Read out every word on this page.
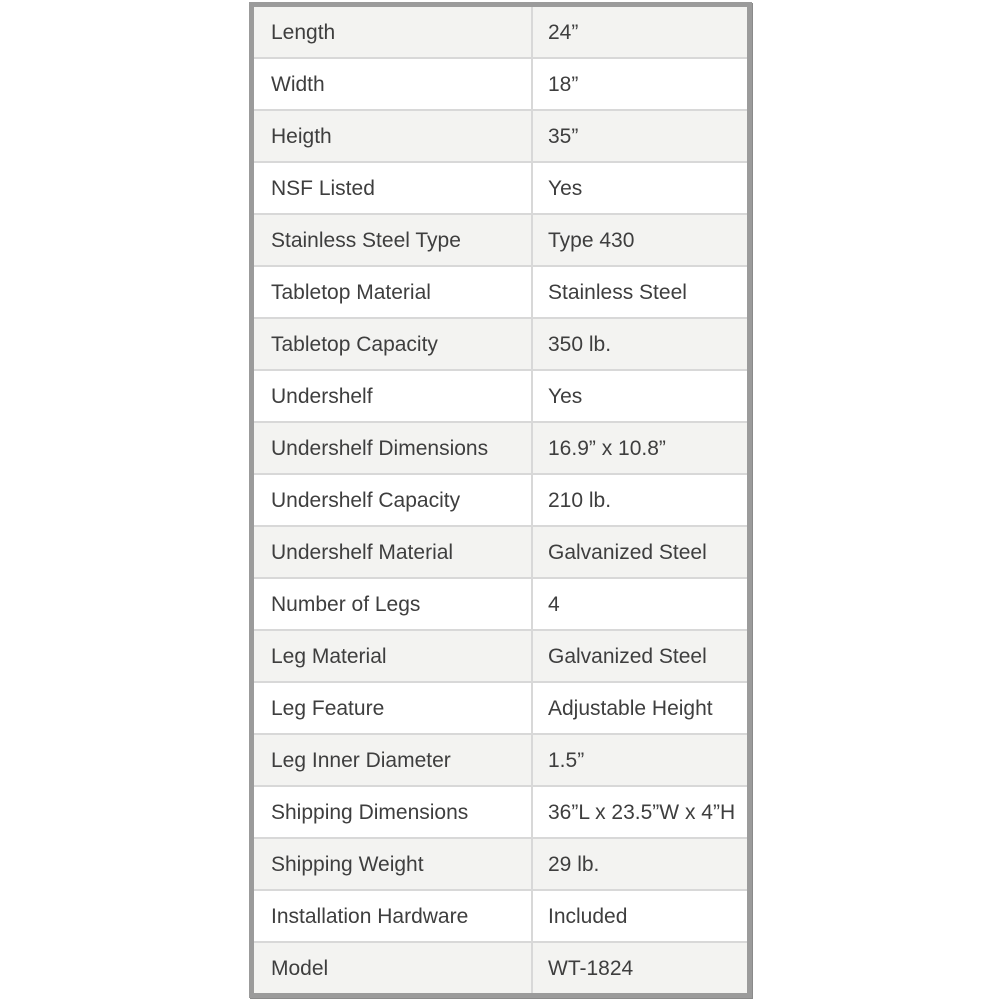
Length	24”
Width	18”
Heigth	35”
NSF Listed	Yes
Stainless Steel Type	Type 430
Tabletop Material	Stainless Steel
Tabletop Capacity	350 lb.
Undershelf	Yes
Undershelf Dimensions	16.9” x 10.8”
Undershelf Capacity	210 lb.
Undershelf Material	Galvanized Steel
Number of Legs	4
Leg Material	Galvanized Steel
Leg Feature	Adjustable Height
Leg Inner Diameter	1.5”
Shipping Dimensions	36”L x 23.5”W x 4”H
Shipping Weight	29 lb.
Installation Hardware	Included
Model	WT-1824
